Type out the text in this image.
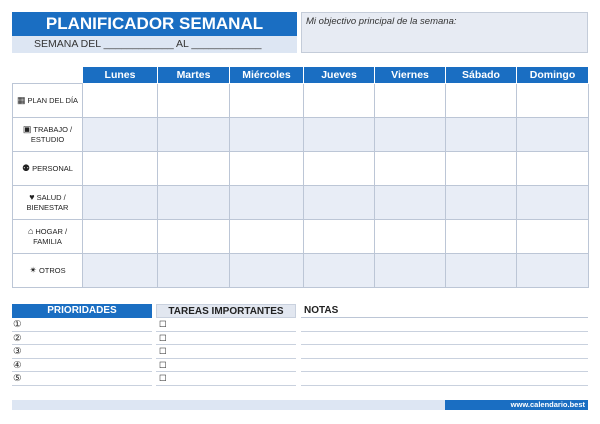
PLANIFICADOR SEMANAL
SEMANA DEL ____________ AL ____________
Mi objectivo principal de la semana:
	Lunes	Martes	Miércoles	Jueves	Viernes	Sábado	Domingo
▦ PLAN DEL DÍA							
▣ TRABAJO / ESTUDIO							
⚉ PERSONAL							
♥ SALUD / BIENESTAR							
⌂ HOGAR / FAMILIA							
✴ OTROS							
PRIORIDADES
①
②
③
④
⑤
TAREAS IMPORTANTES
☐
☐
☐
☐
☐
NOTAS
www.calendario.best
